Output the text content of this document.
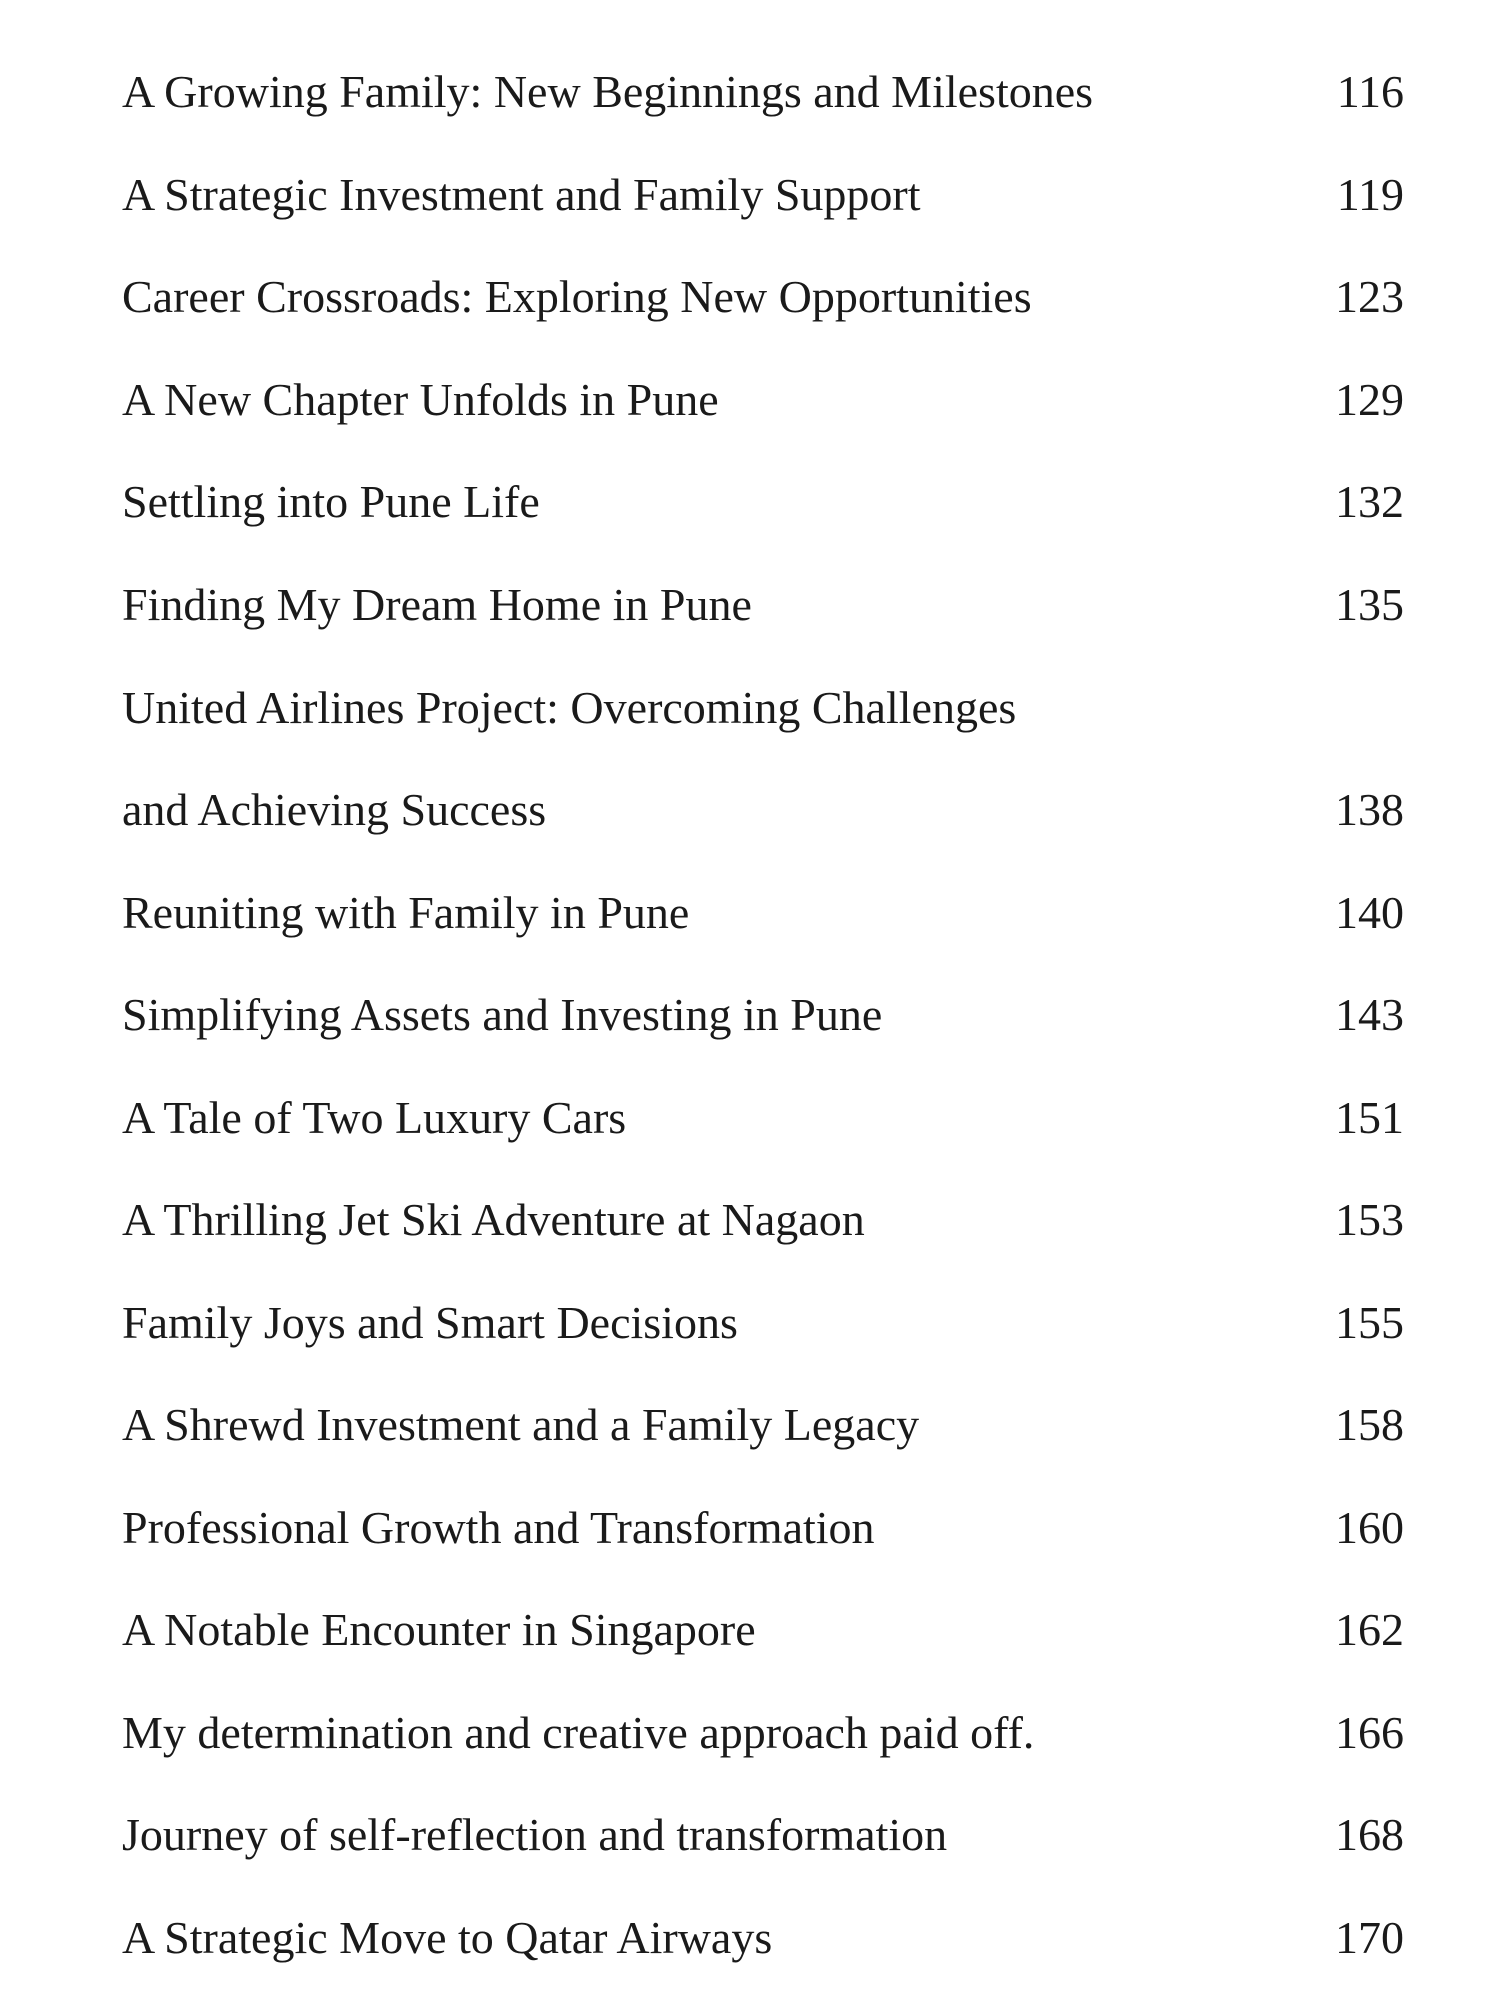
A Growing Family: New Beginnings and Milestones	116
A Strategic Investment and Family Support	119
Career Crossroads: Exploring New Opportunities	123
A New Chapter Unfolds in Pune	129
Settling into Pune Life	132
Finding My Dream Home in Pune	135
United Airlines Project: Overcoming Challenges
and Achieving Success	138
Reuniting with Family in Pune	140
Simplifying Assets and Investing in Pune	143
A Tale of Two Luxury Cars	151
A Thrilling Jet Ski Adventure at Nagaon	153
Family Joys and Smart Decisions	155
A Shrewd Investment and a Family Legacy	158
Professional Growth and Transformation	160
A Notable Encounter in Singapore	162
My determination and creative approach paid off.	166
Journey of self-reflection and transformation	168
A Strategic Move to Qatar Airways	170
